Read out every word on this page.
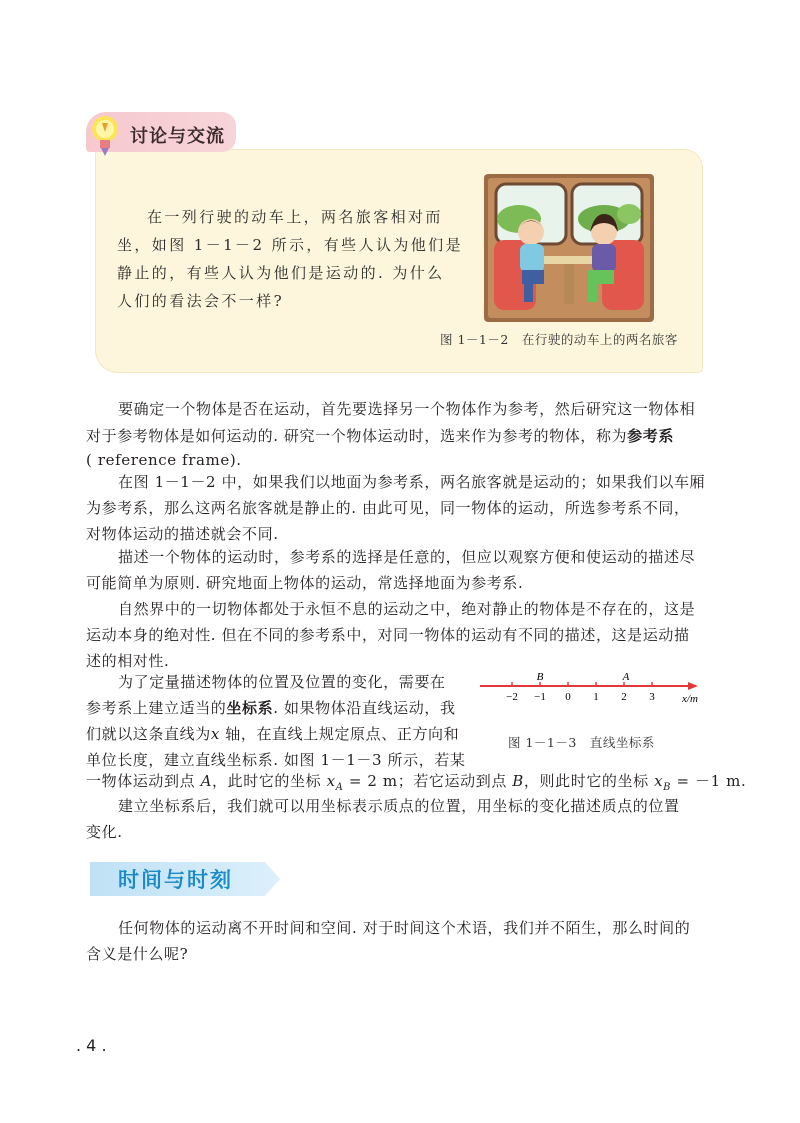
讨论与交流
在一列行驶的动车上，两名旅客相对而
坐，如图 1－1－2 所示，有些人认为他们是
静止的，有些人认为他们是运动的. 为什么
人们的看法会不一样?
图 1－1－2　在行驶的动车上的两名旅客
要确定一个物体是否在运动，首先要选择另一个物体作为参考，然后研究这一物体相
对于参考物体是如何运动的. 研究一个物体运动时，选来作为参考的物体，称为参考系
( reference frame).
在图 1－1－2 中，如果我们以地面为参考系，两名旅客就是运动的；如果我们以车厢
为参考系，那么这两名旅客就是静止的. 由此可见，同一物体的运动，所选参考系不同，
对物体运动的描述就会不同.
描述一个物体的运动时，参考系的选择是任意的，但应以观察方便和使运动的描述尽
可能简单为原则. 研究地面上物体的运动，常选择地面为参考系.
自然界中的一切物体都处于永恒不息的运动之中，绝对静止的物体是不存在的，这是
运动本身的绝对性. 但在不同的参考系中，对同一物体的运动有不同的描述，这是运动描
述的相对性.
为了定量描述物体的位置及位置的变化，需要在
参考系上建立适当的坐标系. 如果物体沿直线运动，我
们就以这条直线为x 轴，在直线上规定原点、正方向和
单位长度，建立直线坐标系. 如图 1－1－3 所示，若某
一物体运动到点 A，此时它的坐标 $x_A = 2$ m；若它运动到点 B，则此时它的坐标 $x_B = -1$ m.
建立坐标系后，我们就可以用坐标表示质点的位置，用坐标的变化描述质点的位置
变化.
−2 −1 0 1 2 3
B	A
x/m
图 1－1－3　直线坐标系
时间与时刻
任何物体的运动离不开时间和空间. 对于时间这个术语，我们并不陌生，那么时间的
含义是什么呢?
. 4 .
